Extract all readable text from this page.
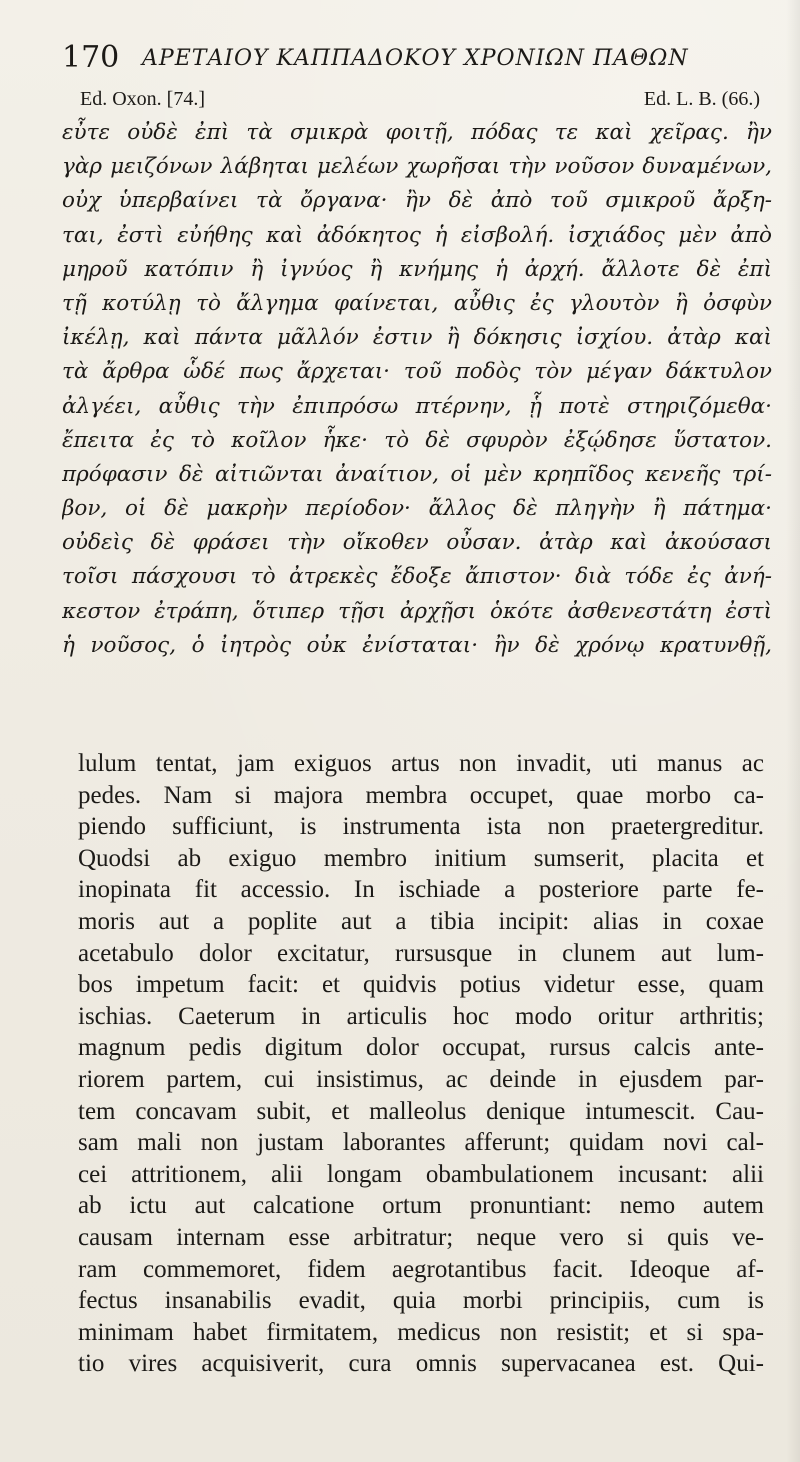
170 ΑΡΕΤΑΙΟΥ ΚΑΠΠΑΔΟΚΟΥ ΧΡΟΝΙΩΝ ΠΑΘΩΝ
Ed. Oxon. [74.]	Ed. L. B. (66.)
εὖτε οὐδὲ ἐπὶ τὰ σμικρὰ φοιτῇ, πόδας τε καὶ χεῖρας. ἢν
γὰρ μειζόνων λάβηται μελέων χωρῆσαι τὴν νοῦσον δυναμένων,
οὐχ ὑπερβαίνει τὰ ὄργανα· ἢν δὲ ἀπὸ τοῦ σμικροῦ ἄρξη-
ται, ἐστὶ εὐήθης καὶ ἀδόκητος ἡ εἰσβολή. ἰσχιάδος μὲν ἀπὸ
μηροῦ κατόπιν ἢ ἰγνύος ἢ κνήμης ἡ ἀρχή. ἄλλοτε δὲ ἐπὶ
τῇ κοτύλῃ τὸ ἄλγημα φαίνεται, αὖθις ἐς γλουτὸν ἢ ὀσφὺν
ἰκέλῃ, καὶ πάντα μᾶλλόν ἐστιν ἢ δόκησις ἰσχίου. ἀτὰρ καὶ
τὰ ἄρθρα ὧδέ πως ἄρχεται· τοῦ ποδὸς τὸν μέγαν δάκτυλον
ἀλγέει, αὖθις τὴν ἐπιπρόσω πτέρνην, ᾗ ποτὲ στηριζόμεθα·
ἔπειτα ἐς τὸ κοῖλον ἧκε· τὸ δὲ σφυρὸν ἐξῴδησε ὕστατον.
πρόφασιν δὲ αἰτιῶνται ἀναίτιον, οἱ μὲν κρηπῖδος κενεῆς τρί-
βον, οἱ δὲ μακρὴν περίοδον· ἄλλος δὲ πληγὴν ἢ πάτημα·
οὐδεὶς δὲ φράσει τὴν οἴκοθεν οὖσαν. ἀτὰρ καὶ ἀκούσασι
τοῖσι πάσχουσι τὸ ἀτρεκὲς ἔδοξε ἄπιστον· διὰ τόδε ἐς ἀνή-
κεστον ἐτράπη, ὅτιπερ τῇσι ἀρχῇσι ὁκότε ἀσθενεστάτη ἐστὶ
ἡ νοῦσος, ὁ ἰητρὸς οὐκ ἐνίσταται· ἢν δὲ χρόνῳ κρατυνθῇ,
lulum tentat, jam exiguos artus non invadit, uti manus ac
pedes. Nam si majora membra occupet, quae morbo ca-
piendo sufficiunt, is instrumenta ista non praetergreditur.
Quodsi ab exiguo membro initium sumserit, placita et
inopinata fit accessio. In ischiade a posteriore parte fe-
moris aut a poplite aut a tibia incipit: alias in coxae
acetabulo dolor excitatur, rursusque in clunem aut lum-
bos impetum facit: et quidvis potius videtur esse, quam
ischias. Caeterum in articulis hoc modo oritur arthritis;
magnum pedis digitum dolor occupat, rursus calcis ante-
riorem partem, cui insistimus, ac deinde in ejusdem par-
tem concavam subit, et malleolus denique intumescit. Cau-
sam mali non justam laborantes afferunt; quidam novi cal-
cei attritionem, alii longam obambulationem incusant: alii
ab ictu aut calcatione ortum pronuntiant: nemo autem
causam internam esse arbitratur; neque vero si quis ve-
ram commemoret, fidem aegrotantibus facit. Ideoque af-
fectus insanabilis evadit, quia morbi principiis, cum is
minimam habet firmitatem, medicus non resistit; et si spa-
tio vires acquisiverit, cura omnis supervacanea est. Qui-
